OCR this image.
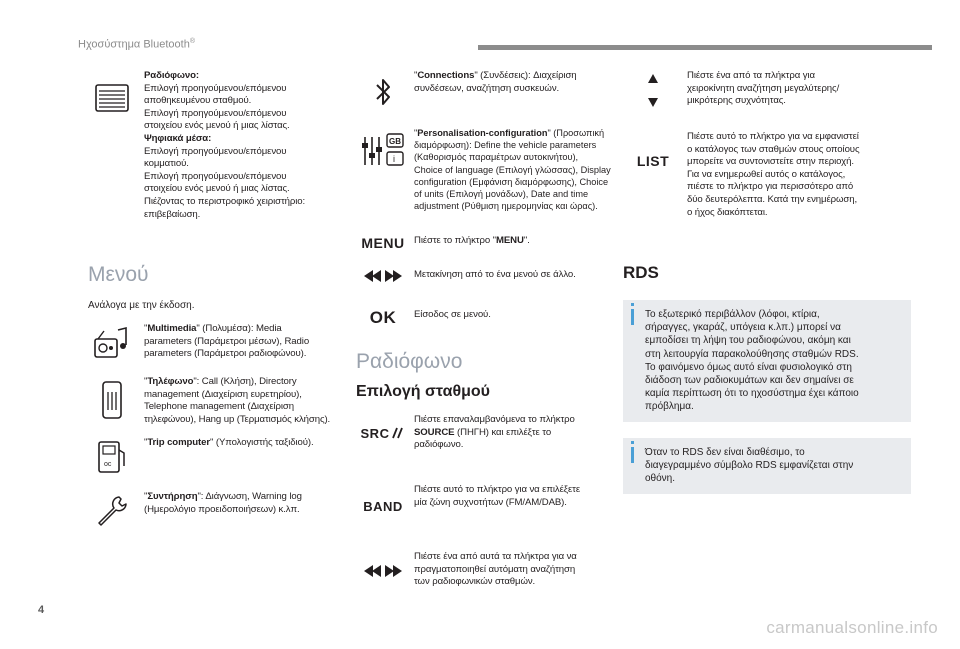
Ηχοσύστημα Bluetooth®
Ραδιόφωνο:
Επιλογή προηγούμενου/επόμενου
αποθηκευμένου σταθμού.
Επιλογή προηγούμενου/επόμενου
στοιχείου ενός μενού ή μιας λίστας.
Ψηφιακά μέσα:
Επιλογή προηγούμενου/επόμενου
κομματιού.
Επιλογή προηγούμενου/επόμενου
στοιχείου ενός μενού ή μιας λίστας.
Πιέζοντας το περιστροφικό χειριστήριο:
επιβεβαίωση.
Μενού
Ανάλογα με την έκδοση.
"Multimedia" (Πολυμέσα): Media
parameters (Παράμετροι μέσων), Radio
parameters (Παράμετροι ραδιοφώνου).
"Τηλέφωνο": Call (Κλήση), Directory
management (Διαχείριση ευρετηρίου),
Telephone management (Διαχείριση
τηλεφώνου), Hang up (Τερματισμός κλήσης).
oc
"Trip computer" (Υπολογιστής ταξιδιού).
"Συντήρηση": Διάγνωση, Warning log
(Ημερολόγιο προειδοποιήσεων) κ.λπ.
"Connections" (Συνδέσεις): Διαχείριση
συνδέσεων, αναζήτηση συσκευών.
GB
i
"Personalisation-configuration" (Προσωπική
διαμόρφωση): Define the vehicle parameters
(Καθορισμός παραμέτρων αυτοκινήτου),
Choice of language (Επιλογή γλώσσας), Display
configuration (Εμφάνιση διαμόρφωσης), Choice
of units (Επιλογή μονάδων), Date and time
adjustment (Ρύθμιση ημερομηνίας και ώρας).
MENU Πιέστε το πλήκτρο "MENU".
Μετακίνηση από το ένα μενού σε άλλο.
OK Είσοδος σε μενού.
Ραδιόφωνο
Επιλογή σταθμού
SRC
Πιέστε επαναλαμβανόμενα το πλήκτρο
SOURCE (ΠΗΓΗ) και επιλέξτε το
ραδιόφωνο.
BAND
Πιέστε αυτό το πλήκτρο για να επιλέξετε
μία ζώνη συχνοτήτων (FM/AM/DAB).
Πιέστε ένα από αυτά τα πλήκτρα για να
πραγματοποιηθεί αυτόματη αναζήτηση
των ραδιοφωνικών σταθμών.
Πιέστε ένα από τα πλήκτρα για
χειροκίνητη αναζήτηση μεγαλύτερης/
μικρότερης συχνότητας.
LIST
Πιέστε αυτό το πλήκτρο για να εμφανιστεί
ο κατάλογος των σταθμών στους οποίους
μπορείτε να συντονιστείτε στην περιοχή.
Για να ενημερωθεί αυτός ο κατάλογος,
πιέστε το πλήκτρο για περισσότερο από
δύο δευτερόλεπτα. Κατά την ενημέρωση,
ο ήχος διακόπτεται.
RDS
Το εξωτερικό περιβάλλον (λόφοι, κτίρια,
σήραγγες, γκαράζ, υπόγεια κ.λπ.) μπορεί να
εμποδίσει τη λήψη του ραδιοφώνου, ακόμη και
στη λειτουργία παρακολούθησης σταθμών RDS.
Το φαινόμενο όμως αυτό είναι φυσιολογικό στη
διάδοση των ραδιοκυμάτων και δεν σημαίνει σε
καμία περίπτωση ότι το ηχοσύστημα έχει κάποιο
πρόβλημα.
Όταν το RDS δεν είναι διαθέσιμο, το
διαγεγραμμένο σύμβολο RDS εμφανίζεται στην
οθόνη.
4
carmanualsonline.info
